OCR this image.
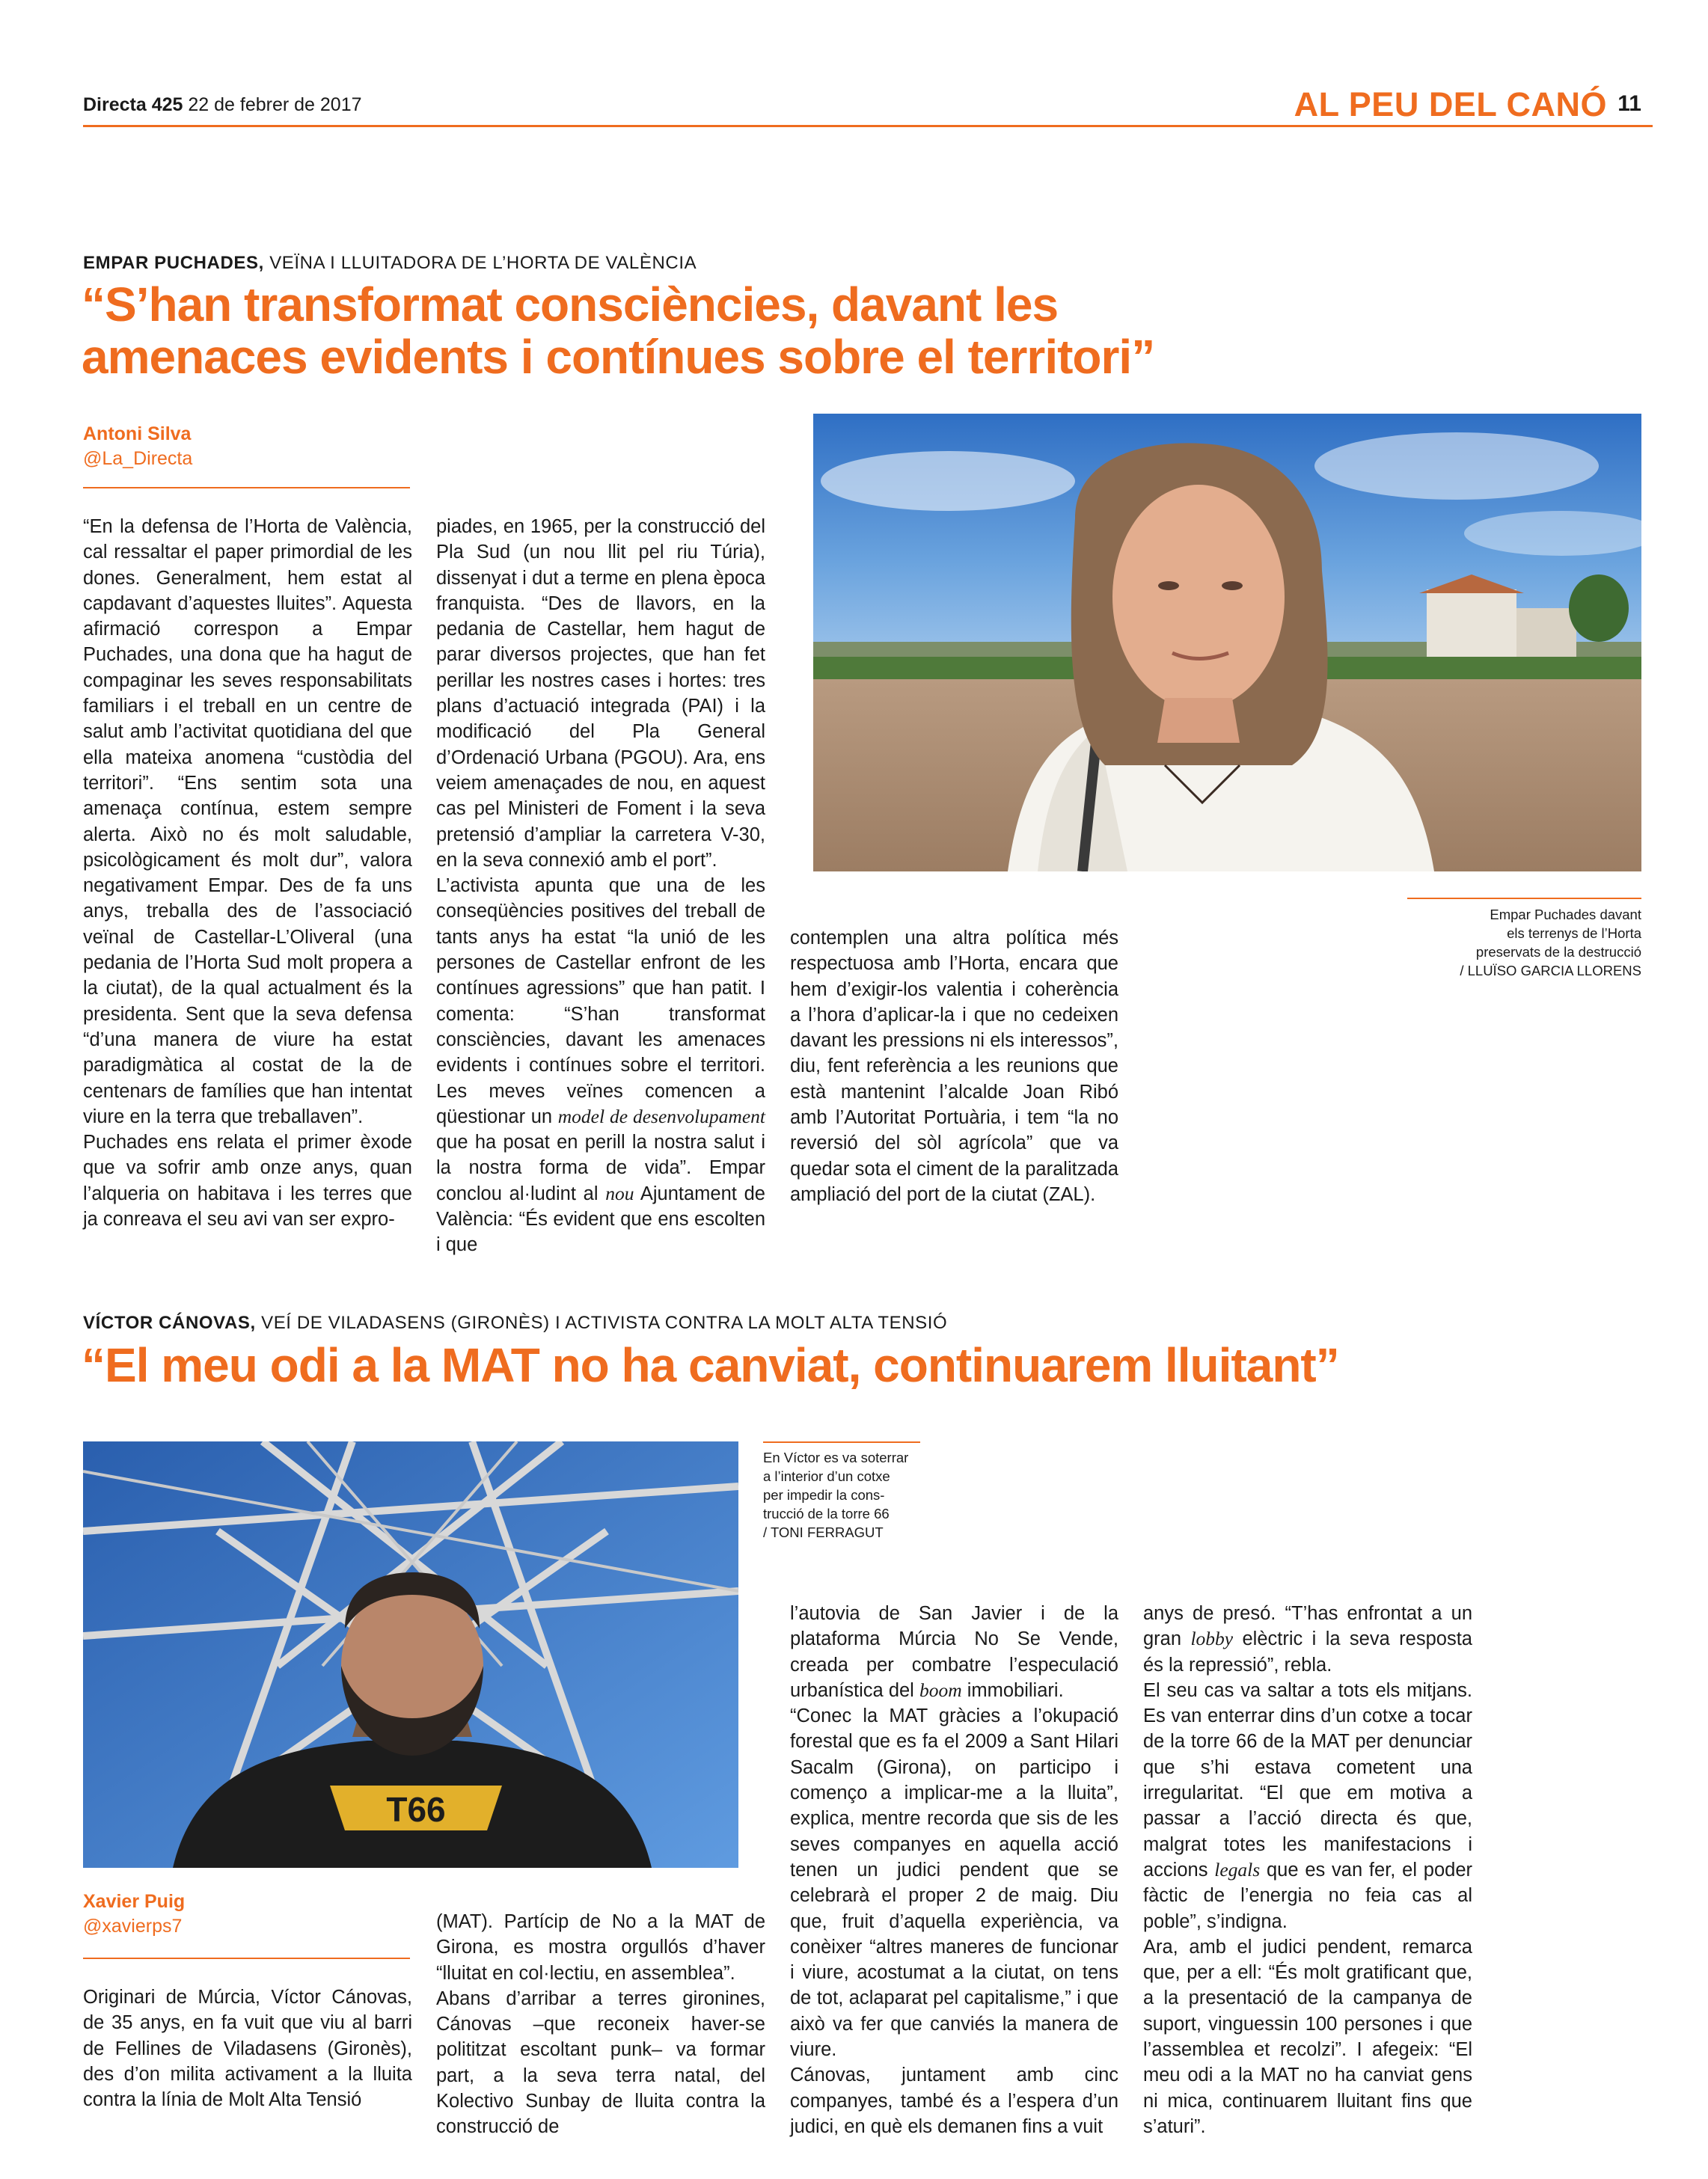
Directa 425 22 de febrer de 2017	AL PEU DEL CANÓ 11
EMPAR PUCHADES, VEÏNA I LLUITADORA DE L’HORTA DE VALÈNCIA
“S’han transformat consciències, davant les
amenaces evidents i contínues sobre el territori”
Antoni Silva
@La_Directa
Empar Puchades davant
els terrenys de l’Horta
preservats de la destrucció
/ LLUÏSO GARCIA LLORENS

“En la defensa de l’Horta de València, cal ressaltar el paper primordial de les dones. Generalment, hem estat al capdavant d’aquestes lluites”. Aquesta afirmació correspon a Empar Puchades, una dona que ha hagut de compaginar les seves responsabilitats familiars i el treball en un centre de salut amb l’activitat quotidiana del que ella mateixa anomena “custòdia del territori”. “Ens sentim sota una amenaça contínua, estem sempre alerta. Això no és molt saludable, psicològicament és molt dur”, valora negativament Empar. Des de fa uns anys, treballa des de l’associació veïnal de Castellar-L’Oliveral (una pedania de l’Horta Sud molt propera a la ciutat), de la qual actualment és la presidenta. Sent que la seva defensa “d’una manera de viure ha estat paradigmàtica al costat de la de centenars de famílies que han intentat viure en la terra que treballaven”.

Puchades ens relata el primer èxode que va sofrir amb onze anys, quan l’alqueria on habitava i les terres que ja conreava el seu avi van ser expro-

piades, en 1965, per la construcció del Pla Sud (un nou llit pel riu Túria), dissenyat i dut a terme en plena època franquista. “Des de llavors, en la pedania de Castellar, hem hagut de parar diversos projectes, que han fet perillar les nostres cases i hortes: tres plans d’actuació integrada (PAI) i la modificació del Pla General d’Ordenació Urbana (PGOU). Ara, ens veiem amenaçades de nou, en aquest cas pel Ministeri de Foment i la seva pretensió d’ampliar la carretera V-30, en la seva connexió amb el port”.

L’activista apunta que una de les conseqüències positives del treball de tants anys ha estat “la unió de les persones de Castellar enfront de les contínues agressions” que han patit. I comenta: “S’han transformat consciències, davant les amenaces evidents i contínues sobre el territori. Les meves veïnes comencen a qüestionar un model de desenvolupament que ha posat en perill la nostra salut i la nostra forma de vida”. Empar conclou al·ludint al nou Ajuntament de València: “És evident que ens escolten i que

contemplen una altra política més respectuosa amb l’Horta, encara que hem d’exigir-los valentia i coherència a l’hora d’aplicar-la i que no cedeixen davant les pressions ni els interessos”, diu, fent referència a les reunions que està mantenint l’alcalde Joan Ribó amb l’Autoritat Portuària, i tem “la no reversió del sòl agrícola” que va quedar sota el ciment de la paralitzada ampliació del port de la ciutat (ZAL).

VÍCTOR CÁNOVAS, VEÍ DE VILADASENS (GIRONÈS) I ACTIVISTA CONTRA LA MOLT ALTA TENSIÓ
“El meu odi a la MAT no ha canviat, continuarem lluitant”
T66
En Víctor es va soterrar
a l’interior d’un cotxe
per impedir la cons-
trucció de la torre 66
/ TONI FERRAGUT
Xavier Puig
@xavierps7

Originari de Múrcia, Víctor Cánovas, de 35 anys, en fa vuit que viu al barri de Fellines de Viladasens (Gironès), des d’on milita activament a la lluita contra la línia de Molt Alta Tensió

(MAT). Partícip de No a la MAT de Girona, es mostra orgullós d’haver “lluitat en col·lectiu, en assemblea”.

Abans d’arribar a terres gironines, Cánovas –que reconeix haver-se polititzat escoltant punk– va formar part, a la seva terra natal, del Kolectivo Sunbay de lluita contra la construcció de

l’autovia de San Javier i de la plataforma Múrcia No Se Vende, creada per combatre l’especulació urbanística del boom immobiliari.

“Conec la MAT gràcies a l’okupació forestal que es fa el 2009 a Sant Hilari Sacalm (Girona), on participo i començo a implicar-me a la lluita”, explica, mentre recorda que sis de les seves companyes en aquella acció tenen un judici pendent que se celebrarà el proper 2 de maig. Diu que, fruit d’aquella experiència, va conèixer “altres maneres de funcionar i viure, acostumat a la ciutat, on tens de tot, aclaparat pel capitalisme,” i que això va fer que canviés la manera de viure.

Cánovas, juntament amb cinc companyes, també és a l’espera d’un judici, en què els demanen fins a vuit

anys de presó. “T’has enfrontat a un gran lobby elèctric i la seva resposta és la repressió”, rebla.

El seu cas va saltar a tots els mitjans. Es van enterrar dins d’un cotxe a tocar de la torre 66 de la MAT per denunciar que s’hi estava cometent una irregularitat. “El que em motiva a passar a l’acció directa és que, malgrat totes les manifestacions i accions legals que es van fer, el poder fàctic de l’energia no feia cas al poble”, s’indigna.

Ara, amb el judici pendent, remarca que, per a ell: “És molt gratificant que, a la presentació de la campanya de suport, vinguessin 100 persones i que l’assemblea et recolzi”. I afegeix: “El meu odi a la MAT no ha canviat gens ni mica, continuarem lluitant fins que s’aturi”.
